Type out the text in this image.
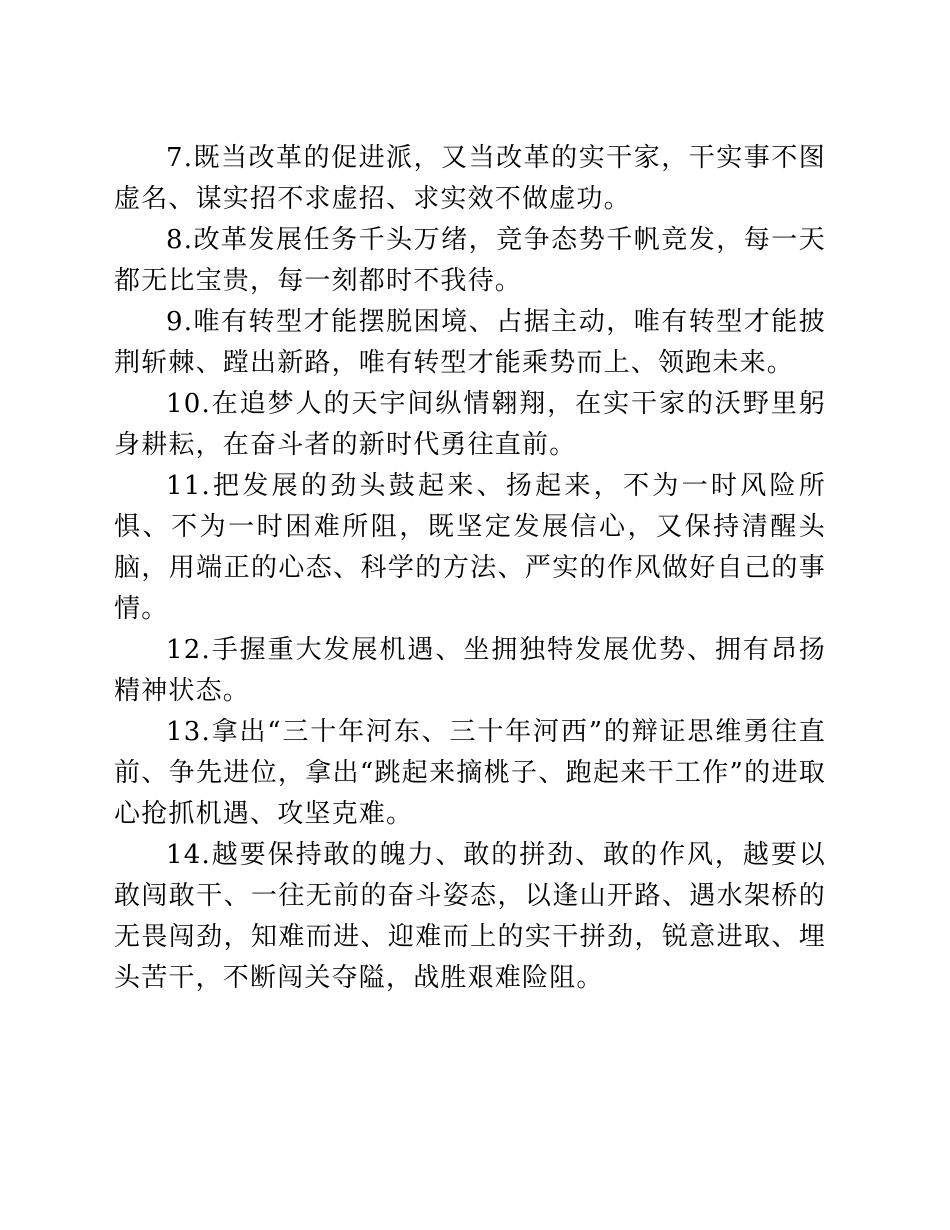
7.既当改革的促进派，又当改革的实干家，干实事不图虚名、谋实招不求虚招、求实效不做虚功。

8.改革发展任务千头万绪，竞争态势千帆竞发，每一天都无比宝贵，每一刻都时不我待。

9.唯有转型才能摆脱困境、占据主动，唯有转型才能披荆斩棘、蹚出新路，唯有转型才能乘势而上、领跑未来。

10.在追梦人的天宇间纵情翱翔，在实干家的沃野里躬身耕耘，在奋斗者的新时代勇往直前。

11.把发展的劲头鼓起来、扬起来，不为一时风险所惧、不为一时困难所阻，既坚定发展信心，又保持清醒头脑，用端正的心态、科学的方法、严实的作风做好自己的事情。

12.手握重大发展机遇、坐拥独特发展优势、拥有昂扬精神状态。

13.拿出“三十年河东、三十年河西”的辩证思维勇往直前、争先进位，拿出“跳起来摘桃子、跑起来干工作”的进取心抢抓机遇、攻坚克难。

14.越要保持敢的魄力、敢的拼劲、敢的作风，越要以敢闯敢干、一往无前的奋斗姿态，以逢山开路、遇水架桥的无畏闯劲，知难而进、迎难而上的实干拼劲，锐意进取、埋头苦干，不断闯关夺隘，战胜艰难险阻。
